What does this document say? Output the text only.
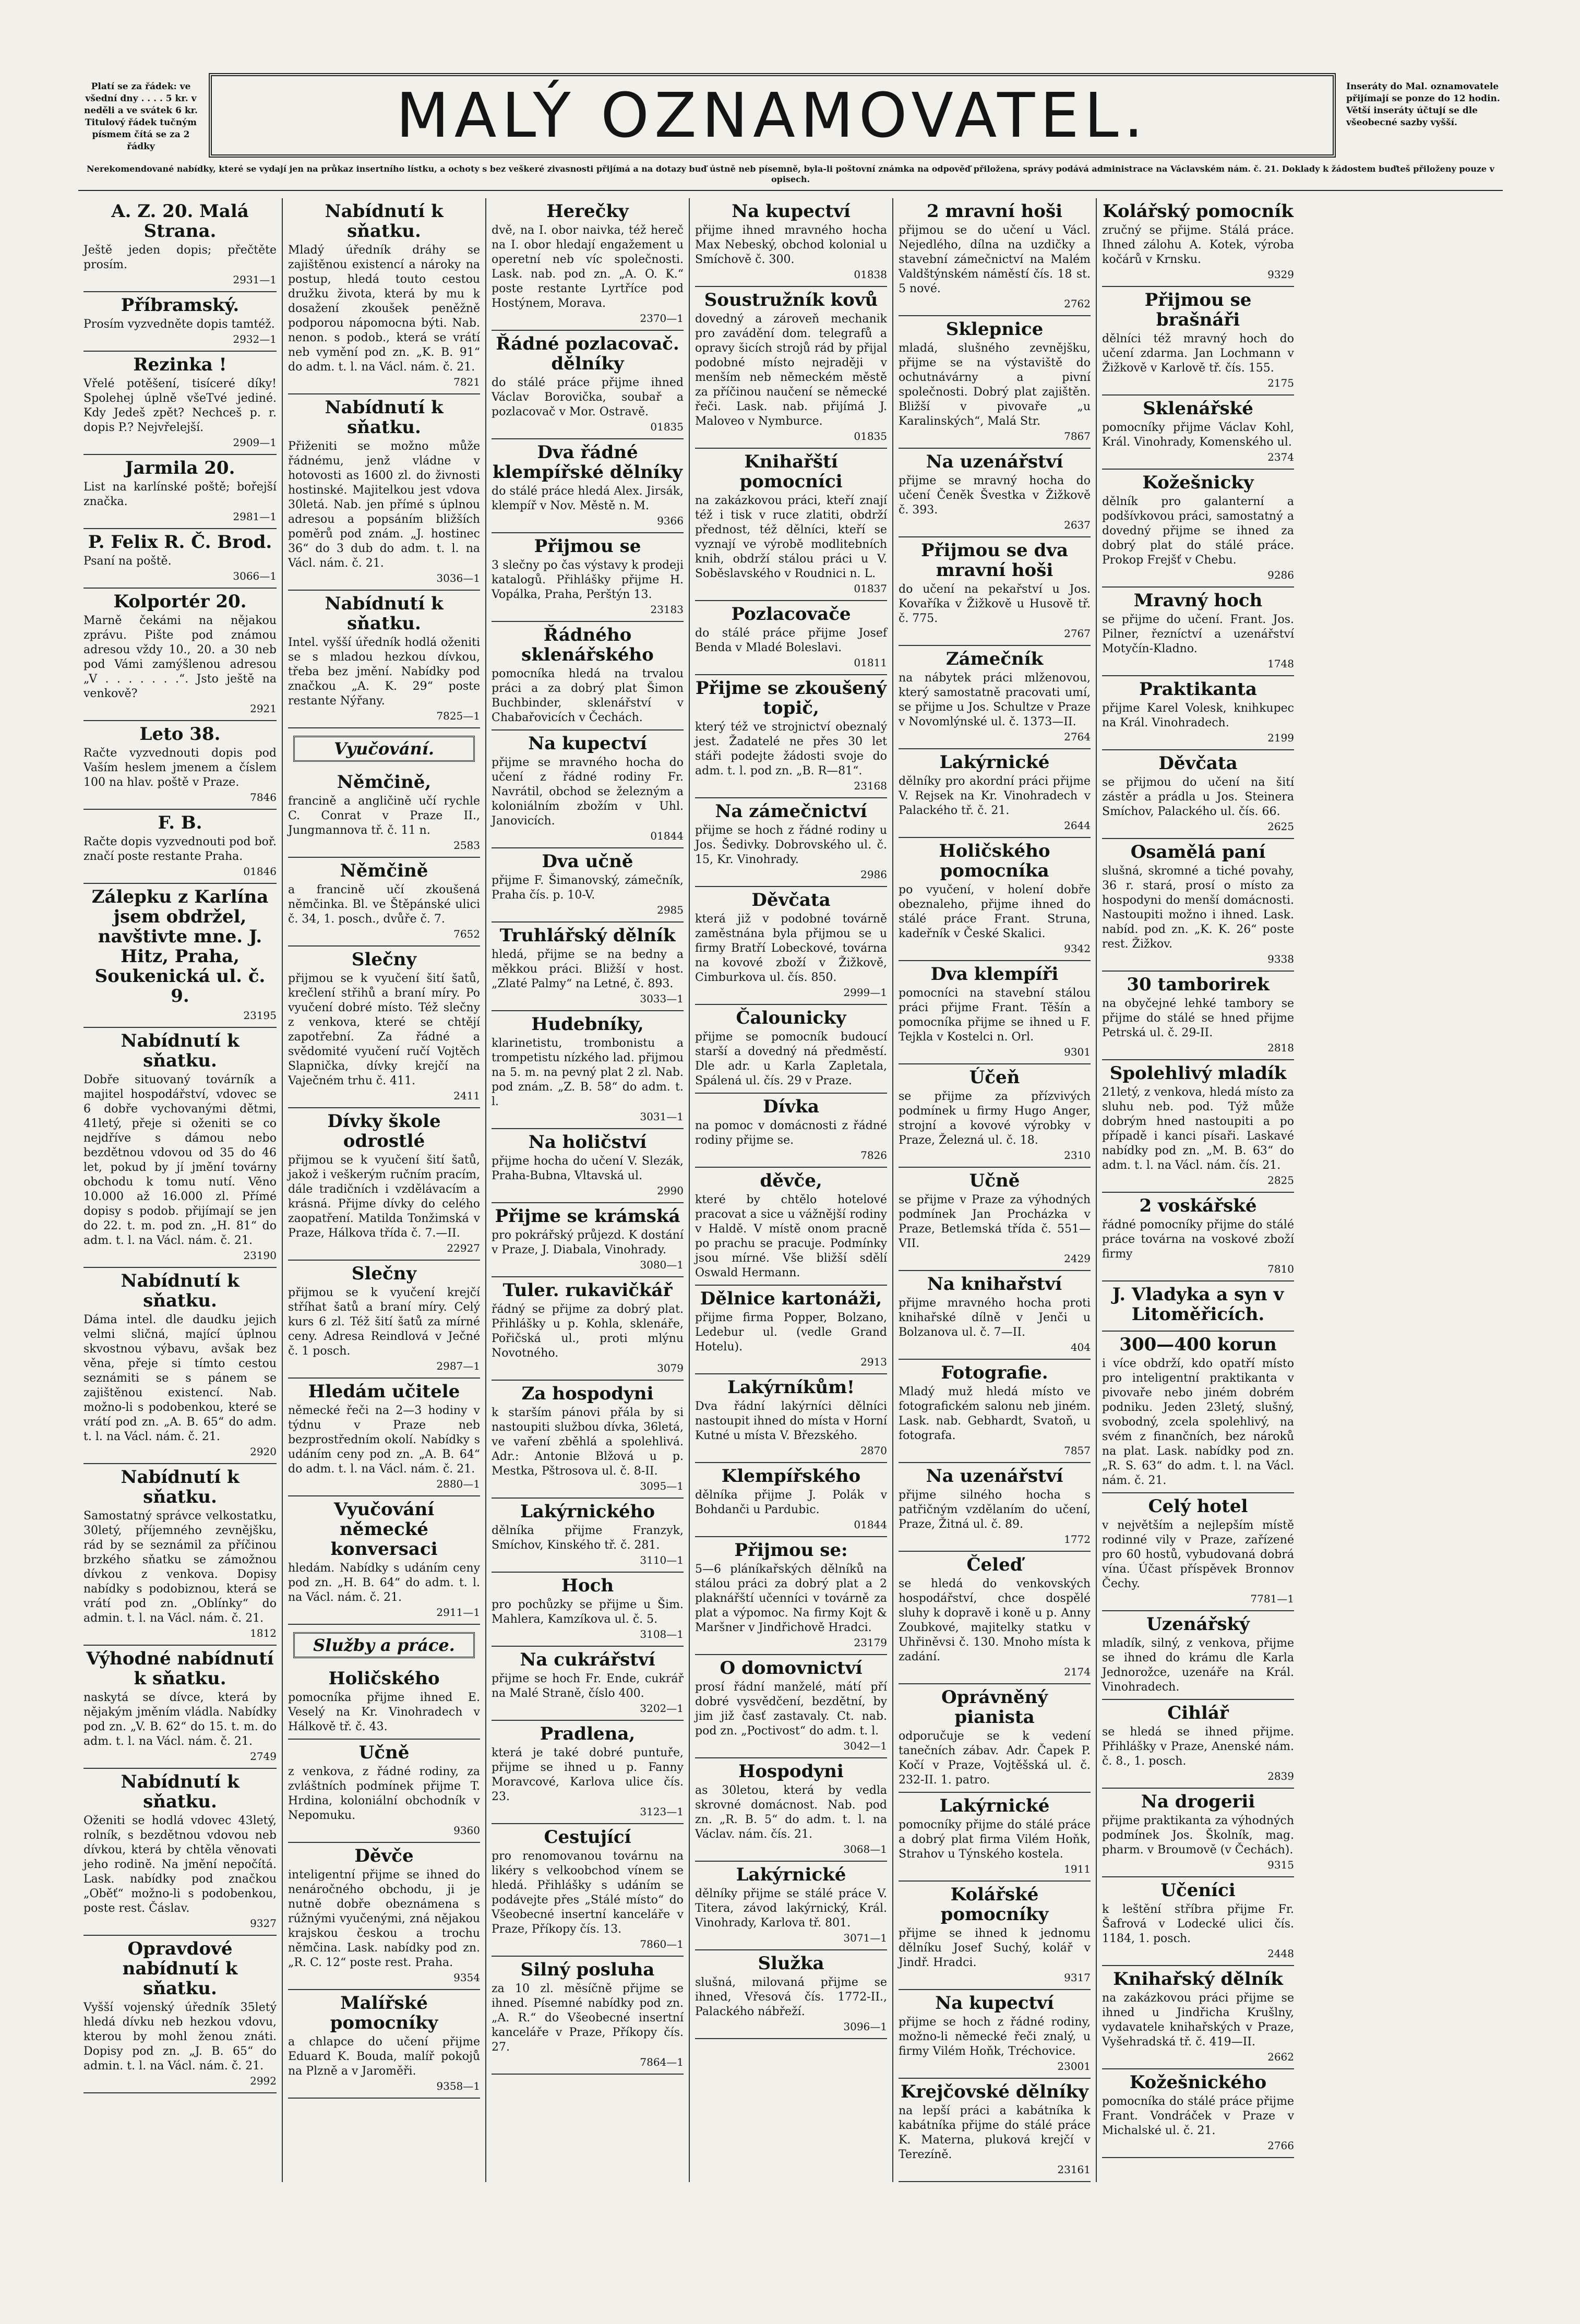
Platí se za řádek: ve všední dny . . . . 5 kr. v neděli a ve svátek 6 kr. Titulový řádek tučným písmem čítá se za 2 řádky	MALÝ OZNAMOVATEL.	Inseráty do Mal. oznamovatele přijímají se ponze do 12 hodin. Větší inseráty účtují se dle všeobecné sazby vyšší.
Nerekomendované nabídky, které se vydají jen na průkaz insertního lístku, a ochoty s bez veškeré zivasnosti přijímá a na dotazy buď ústně neb písemně, byla-li poštovní známka na odpověď přiložena, správy podává administrace na Václavském nám. č. 21. Doklady k žádostem buďteš přiloženy pouze v opisech.
A. Z. 20. Malá Strana.

Ještě jeden dopis; přečtěte prosím.

2931—1
Příbramský.

Prosím vyzvedněte dopis tamtéž.

2932—1
Rezinka !

Vřelé potěšení, tisíceré díky! Spolehej úplně všeTvé jediné. Kdy Jedeš zpět? Nechceš p. r. dopis P.? Nejvřelejší.

2909—1
Jarmila 20.

List na karlínské poště; bořejší značka.

2981—1
P. Felix R. Č. Brod.

Psaní na poště.

3066—1
Kolportér 20.

Marně čekámi na nějakou zprávu. Pište pod známou adresou vždy 10., 20. a 30 neb pod Vámi zamýšlenou adresou „V . . . . . . .“. Jsto ještě na venkově?

2921
Leto 38.

Račte vyzvednouti dopis pod Vaším heslem jmenem a číslem 100 na hlav. poště v Praze.

7846
F. B.

Račte dopis vyzvednouti pod boř. značí poste restante Praha.

01846
Zálepku z Karlína jsem obdržel, navštivte mne. J. Hitz, Praha, Soukenická ul. č. 9.
23195
Nabídnutí k sňatku.

Dobře situovaný továrník a majitel hospodářství, vdovec se 6 dobře vychovanými dětmi, 41letý, přeje si oženiti se co nejdříve s dámou nebo bezdětnou vdovou od 35 do 46 let, pokud by jí jmění továrny obchodu k tomu nutí. Věno 10.000 až 16.000 zl. Přímé dopisy s podob. přijímají se jen do 22. t. m. pod zn. „H. 81“ do adm. t. l. na Václ. nám. č. 21.

23190
Nabídnutí k sňatku.

Dáma intel. dle daudku jejich velmi sličná, mající úplnou skvostnou výbavu, avšak bez věna, přeje si tímto cestou seznámiti se s pánem se zajištěnou existencí. Nab. možno-li s podobenkou, které se vrátí pod zn. „A. B. 65“ do adm. t. l. na Václ. nám. č. 21.

2920
Nabídnutí k sňatku.

Samostatný správce velkostatku, 30letý, příjemného zevnějšku, rád by se seznámil za příčinou brzkého sňatku se zámožnou dívkou z venkova. Dopisy nabídky s podobiznou, která se vrátí pod zn. „Oblínky“ do admin. t. l. na Václ. nám. č. 21.

1812
Výhodné nabídnutí k sňatku.

naskytá se dívce, která by nějakým jměním vládla. Nabídky pod zn. „V. B. 62“ do 15. t. m. do adm. t. l. na Václ. nám. č. 21.

2749
Nabídnutí k sňatku.

Oženiti se hodlá vdovec 43letý, rolník, s bezdětnou vdovou neb dívkou, která by chtěla věnovati jeho rodině. Na jmění nepočítá. Lask. nabídky pod značkou „Oběť“ možno-li s podobenkou, poste rest. Čáslav.

9327
Opravdové nabídnutí k sňatku.

Vyšší vojenský úředník 35letý hledá dívku neb hezkou vdovu, kterou by mohl ženou znáti. Dopisy pod zn. „J. B. 65“ do admin. t. l. na Václ. nám. č. 21.

2992
Nabídnutí k sňatku.

Mladý úředník dráhy se zajištěnou existencí a nároky na postup, hledá touto cestou družku života, která by mu k dosažení zkoušek peněžně podporou nápomocna býti. Nab. nenon. s podob., která se vrátí neb vymění pod zn. „K. B. 91“ do adm. t. l. na Václ. nám. č. 21.

7821
Nabídnutí k sňatku.

Přiženiti se možno může řádnému, jenž vládne v hotovosti as 1600 zl. do živnosti hostinské. Majitelkou jest vdova 30letá. Nab. jen přímé s úplnou adresou a popsáním bližších poměrů pod znám. „J. hostinec 36“ do 3 dub do adm. t. l. na Václ. nám. č. 21.

3036—1
Nabídnutí k sňatku.

Intel. vyšší úředník hodlá oženiti se s mladou hezkou dívkou, třeba bez jmění. Nabídky pod značkou „A. K. 29“ poste restante Nýřany.

7825—1
Vyučování.
Němčině,

francině a angličině učí rychle C. Conrat v Praze II., Jungmannova tř. č. 11 n.

2583
Němčině

a francině učí zkoušená němčinka. Bl. ve Štěpánské ulici č. 34, 1. posch., dvůře č. 7.

7652
Slečny

přijmou se k vyučení šití šatů, krečlení střihů a braní míry. Po vyučení dobré místo. Též slečny z venkova, které se chtějí zapotřební. Za řádné a svědomité vyučení ručí Vojtěch Slapnička, dívky krejčí na Vaječném trhu č. 411.

2411
Dívky škole odrostlé

přijmou se k vyučení šití šatů, jakož i veškerým ručním pracím, dále tradičních i vzdělávacím a krásná. Přijme dívky do celého zaopatření. Matilda Tonžimská v Praze, Hálkova třída č. 7.—II.

22927
Slečny

přijmou se k vyučení krejčí stříhat šatů a braní míry. Celý kurs 6 zl. Též šití šatů za mírné ceny. Adresa Reindlová v Ječné č. 1 posch.

2987—1
Hledám učitele

německé řeči na 2—3 hodiny v týdnu v Praze neb bezprostředním okolí. Nabídky s udáním ceny pod zn. „A. B. 64“ do adm. t. l. na Václ. nám. č. 21.

2880—1
Vyučování německé konversaci

hledám. Nabídky s udáním ceny pod zn. „H. B. 64“ do adm. t. l. na Václ. nám. č. 21.

2911—1
Služby a práce.
Holičského

pomocníka přijme ihned E. Veselý na Kr. Vinohradech v Hálkově tř. č. 43.

Učně

z venkova, z řádné rodiny, za zvláštních podmínek přijme T. Hrdina, koloniální obchodník v Nepomuku.

9360
Děvče

inteligentní přijme se ihned do nenáročného obchodu, ji je nutně dobře obeznámena s rúžnými vyučenými, zná nějakou krajskou českou a trochu němčina. Lask. nabídky pod zn. „R. C. 12“ poste rest. Praha.

9354
Malířské pomocníky

a chlapce do učení přijme Eduard K. Bouda, malíř pokojů na Plzně a v Jaroměři.

9358—1
Herečky

dvě, na I. obor naivka, též hereč na I. obor hledají engažement u operetní neb víc společnosti. Lask. nab. pod zn. „A. O. K.“ poste restante Lyrtříce pod Hostýnem, Morava.

2370—1
Řádné pozlacovač. dělníky

do stálé práce přijme ihned Václav Borovička, soubař a pozlacovač v Mor. Ostravě.

01835
Dva řádné klempířské dělníky

do stálé práce hledá Alex. Jirsák, klempíř v Nov. Městě n. M.

9366
Přijmou se

3 slečny po čas výstavy k prodeji katalogů. Přihlášky přijme H. Vopálka, Praha, Perštýn 13.

23183
Řádného sklenářského

pomocníka hledá na trvalou práci a za dobrý plat Šimon Buchbinder, sklenářství v Chabařovicích v Čechách.

Na kupectví

přijme se mravného hocha do učení z řádné rodiny Fr. Navrátil, obchod se železným a koloniálním zbožím v Uhl. Janovicích.

01844
Dva učně

přijme F. Šimanovský, zámečník, Praha čís. p. 10-V.

2985
Truhlářský dělník

hledá, přijme se na bedny a měkkou práci. Bližší v host. „Zlaté Palmy“ na Letné, č. 893.

3033—1
Hudebníky,

klarinetistu, trombonistu a trompetistu nízkého lad. přijmou na 5. m. na pevný plat 2 zl. Nab. pod znám. „Z. B. 58“ do adm. t. l.

3031—1
Na holičství

přijme hocha do učení V. Slezák, Praha-Bubna, Vltavská ul.

2990
Přijme se krámská

pro pokrářský průjezd. K dostání v Praze, J. Diabala, Vinohrady.

3080—1
Tuler. rukavičkář

řádný se přijme za dobrý plat. Přihlášky u p. Kohla, sklenáře, Pořičská ul., proti mlýnu Novotného.

3079
Za hospodyni

k starším pánovi přála by si nastoupiti službou dívka, 36letá, ve vaření zběhlá a spolehlivá. Adr.: Antonie Blžová u p. Mestka, Pštrosova ul. č. 8-II.

3095—1
Lakýrnického

dělníka přijme Franzyk, Smíchov, Kinského tř. č. 281.

3110—1
Hoch

pro pochůzky se přijme u Šim. Mahlera, Kamzíkova ul. č. 5.

3108—1
Na cukrářství

přijme se hoch Fr. Ende, cukrář na Malé Straně, číslo 400.

3202—1
Pradlena,

která je také dobré puntuře, přijme se ihned u p. Fanny Moravcové, Karlova ulice čís. 23.

3123—1
Cestující

pro renomovanou továrnu na likéry s velkoobchod vínem se hledá. Přihlášky s udáním se podávejte přes „Stálé místo“ do Všeobecné insertní kanceláře v Praze, Příkopy čís. 13.

7860—1
Silný posluha

za 10 zl. měsíčně přijme se ihned. Písemné nabídky pod zn. „A. R.“ do Všeobecné insertní kanceláře v Praze, Příkopy čís. 27.

7864—1
Na kupectví

přijme ihned mravného hocha Max Nebeský, obchod kolonial u Smíchově č. 300.

01838
Soustružník kovů

dovedný a zároveň mechanik pro zavádění dom. telegrafů a opravy šicích strojů rád by přijal podobné místo nejraději v menším neb německém městě za příčinou naučení se německé řeči. Lask. nab. přijímá J. Maloveo v Nymburce.

01835
Knihařští pomocníci

na zakázkovou práci, kteří znají též i tisk v ruce zlatiti, obdrží přednost, též dělníci, kteří se vyznají ve výrobě modlitebních knih, obdrží stálou práci u V. Soběslavského v Roudnici n. L.

01837
Pozlacovače

do stálé práce přijme Josef Benda v Mladé Boleslavi.

01811
Přijme se zkoušený topič,

který též ve strojnictví obeznalý jest. Žadatelé ne přes 30 let stáři podejte žádosti svoje do adm. t. l. pod zn. „B. R—81“.

23168
Na zámečnictví

přijme se hoch z řádné rodiny u Jos. Šedivky. Dobrovského ul. č. 15, Kr. Vinohrady.

2986
Děvčata

která již v podobné továrně zaměstnána byla přijmou se u firmy Bratří Lobeckové, továrna na kovové zboží v Žižkově, Cimburkova ul. čís. 850.

2999—1
Čalounicky

přijme se pomocník budoucí starší a dovedný ná předměstí. Dle adr. u Karla Zapletala, Spálená ul. čís. 29 v Praze.

Dívka

na pomoc v domácnosti z řádné rodiny přijme se.

7826
děvče,

které by chtělo hotelové pracovat a sice u vážnější rodiny v Haldě. V místě onom pracně po prachu se pracuje. Podmínky jsou mírné. Vše bližší sdělí Oswald Hermann.

Dělnice kartonáži,

přijme firma Popper, Bolzano, Ledebur ul. (vedle Grand Hotelu).

2913
Lakýrníkům!

Dva řádní lakýrníci dělníci nastoupit ihned do místa v Horní Kutné u místa V. Březského.

2870
Klempířského

dělníka přijme J. Polák v Bohdanči u Pardubic.

01844
Přijmou se:

5—6 pláníkařských dělníků na stálou práci za dobrý plat a 2 plaknářští učenníci v továrně za plat a výpomoc. Na firmy Kojt & Maršner v Jindřichově Hradci.

23179
O domovnictví

prosí řádní manželé, mátí pří dobré vysvědčení, bezdětní, by jim již časť zastavaly. Ct. nab. pod zn. „Poctivost“ do adm. t. l.

3042—1
Hospodyni

as 30letou, která by vedla skrovné domácnost. Nab. pod zn. „R. B. 5“ do adm. t. l. na Václav. nám. čís. 21.

3068—1
Lakýrnické

dělníky přijme se stálé práce V. Titera, závod lakýrnický, Král. Vinohrady, Karlova tř. 801.

3071—1
Služka

slušná, milovaná přijme se ihned, Vřesová čís. 1772-II., Palackého nábřeží.

3096—1
2 mravní hoši

přijmou se do učení u Václ. Nejedlého, dílna na uzdičky a stavební zámečnictví na Malém Valdštýnském náměstí čís. 18 st. 5 nové.

2762
Sklepnice

mladá, slušného zevnějšku, přijme se na výstaviště do ochutnávárny a pivní společnosti. Dobrý plat zajištěn. Bližší v pivovaře „u Karalinských“, Malá Str.

7867
Na uzenářství

přijme se mravný hocha do učení Čeněk Švestka v Žižkově č. 393.

2637
Přijmou se dva mravní hoši

do učení na pekařství u Jos. Kovaříka v Žižkově u Husově tř. č. 775.

2767
Zámečník

na nábytek práci mlženovou, který samostatně pracovati umí, se přijme u Jos. Schultze v Praze v Novomlýnské ul. č. 1373—II.

2764
Lakýrnické

dělníky pro akordní práci přijme V. Rejsek na Kr. Vinohradech v Palackého tř. č. 21.

2644
Holičského pomocníka

po vyučení, v holení dobře obeznaleho, přijme ihned do stálé práce Frant. Struna, kadeřník v České Skalici.

9342
Dva klempíři

pomocníci na stavební stálou práci přijme Frant. Těšín a pomocníka přijme se ihned u F. Tejkla v Kostelci n. Orl.

9301
Účeň

se přijme za přízvivých podmínek u firmy Hugo Anger, strojní a kovové výrobky v Praze, Železná ul. č. 18.

2310
Učně

se přijme v Praze za výhodných podmínek Jan Procházka v Praze, Betlemská třída č. 551—VII.

2429
Na knihařství

přijme mravného hocha proti knihařské dílně v Jenči u Bolzanova ul. č. 7—II.

404
Fotografie.

Mladý muž hledá místo ve fotografickém salonu neb jiném. Lask. nab. Gebhardt, Svatoň, u fotografa.

7857
Na uzenářství

přijme silného hocha s patřičným vzdělaním do učení, Praze, Žitná ul. č. 89.

1772
Čeleď

se hledá do venkovských hospodářství, chce dospělé sluhy k dopravě i koně u p. Anny Zoubkové, majitelky statku v Uhřiněvsi č. 130. Mnoho místa k zadání.

2174
Oprávněný pianista

odporučuje se k vedení tanečních zábav. Adr. Čapek P. Kočí v Praze, Vojtěšská ul. č. 232-II. 1. patro.

Lakýrnické

pomocníky přijme do stálé práce a dobrý plat firma Vilém Hoňk, Strahov u Týnského kostela.

1911
Kolářské pomocníky

přijme se ihned k jednomu dělníku Josef Suchý, kolář v Jindř. Hradci.

9317
Na kupectví

přijme se hoch z řádné rodiny, možno-li německé řeči znalý, u firmy Vilém Hoňk, Tréchovice.

23001
Krejčovské dělníky

na lepší práci a kabátníka k kabátníka přijme do stálé práce K. Materna, pluková krejčí v Terezíně.

23161
Kolářský pomocník

zručný se přijme. Stálá práce. Ihned zálohu A. Kotek, výroba kočárů v Krnsku.

9329
Přijmou se brašnáři

dělníci též mravný hoch do učení zdarma. Jan Lochmann v Žižkově v Karlově tř. čís. 155.

2175
Sklenářské

pomocníky přijme Václav Kohl, Král. Vinohrady, Komenského ul.

2374
Kožešnicky

dělník pro galanterní a podšívkovou práci, samostatný a dovedný přijme se ihned za dobrý plat do stálé práce. Prokop Frejšť v Chebu.

9286
Mravný hoch

se přijme do učení. Frant. Jos. Pilner, řezníctví a uzenářství Motyčín-Kladno.

1748
Praktikanta

přijme Karel Volesk, knihkupec na Král. Vinohradech.

2199
Děvčata

se přijmou do učení na šití zástěr a prádla u Jos. Steinera Smíchov, Palackého ul. čís. 66.

2625
Osamělá paní

slušná, skromné a tiché povahy, 36 r. stará, prosí o místo za hospodyni do menší domácnosti. Nastoupiti možno i ihned. Lask. nabíd. pod zn. „K. K. 26“ poste rest. Žižkov.

9338
30 tamborirek

na obyčejné lehké tambory se přijme do stálé se hned přijme Petrská ul. č. 29-II.

2818
Spolehlivý mladík

21letý, z venkova, hledá místo za sluhu neb. pod. Týž může dobrým hned nastoupiti a po případě i kanci písaři. Laskavé nabídky pod zn. „M. B. 63“ do adm. t. l. na Václ. nám. čís. 21.

2825
2 voskářské

řádné pomocníky přijme do stálé práce továrna na voskové zboží firmy

7810
J. Vladyka a syn v Litoměřicích.
300—400 korun

i více obdrží, kdo opatří místo pro inteligentní praktikanta v pivovaře nebo jiném dobrém podniku. Jeden 23letý, slušný, svobodný, zcela spolehlivý, na svém z finančních, bez nároků na plat. Lask. nabídky pod zn. „R. S. 63“ do adm. t. l. na Václ. nám. č. 21.

Celý hotel

v největším a nejlepším místě rodinné vily v Praze, zařízené pro 60 hostů, vybudovaná dobrá vína. Účast příspěvek Bronnov Čechy.

7781—1
Uzenářský

mladík, silný, z venkova, přijme se ihned do krámu dle Karla Jednorožce, uzenáře na Král. Vinohradech.

Cihlář

se hledá se ihned přijme. Přihlášky v Praze, Anenské nám. č. 8., 1. posch.

2839
Na drogerii

přijme praktikanta za výhodných podmínek Jos. Školník, mag. pharm. v Broumově (v Čechách).

9315
Učeníci

k leštění stříbra přijme Fr. Šafrová v Lodecké ulici čís. 1184, 1. posch.

2448
Knihařský dělník

na zakázkovou práci přijme se ihned u Jindřicha Krušlny, vydavatele knihařských v Praze, Vyšehradská tř. č. 419—II.

2662
Kožešnického

pomocníka do stálé práce přijme Frant. Vondráček v Praze v Michalské ul. č. 21.

2766
